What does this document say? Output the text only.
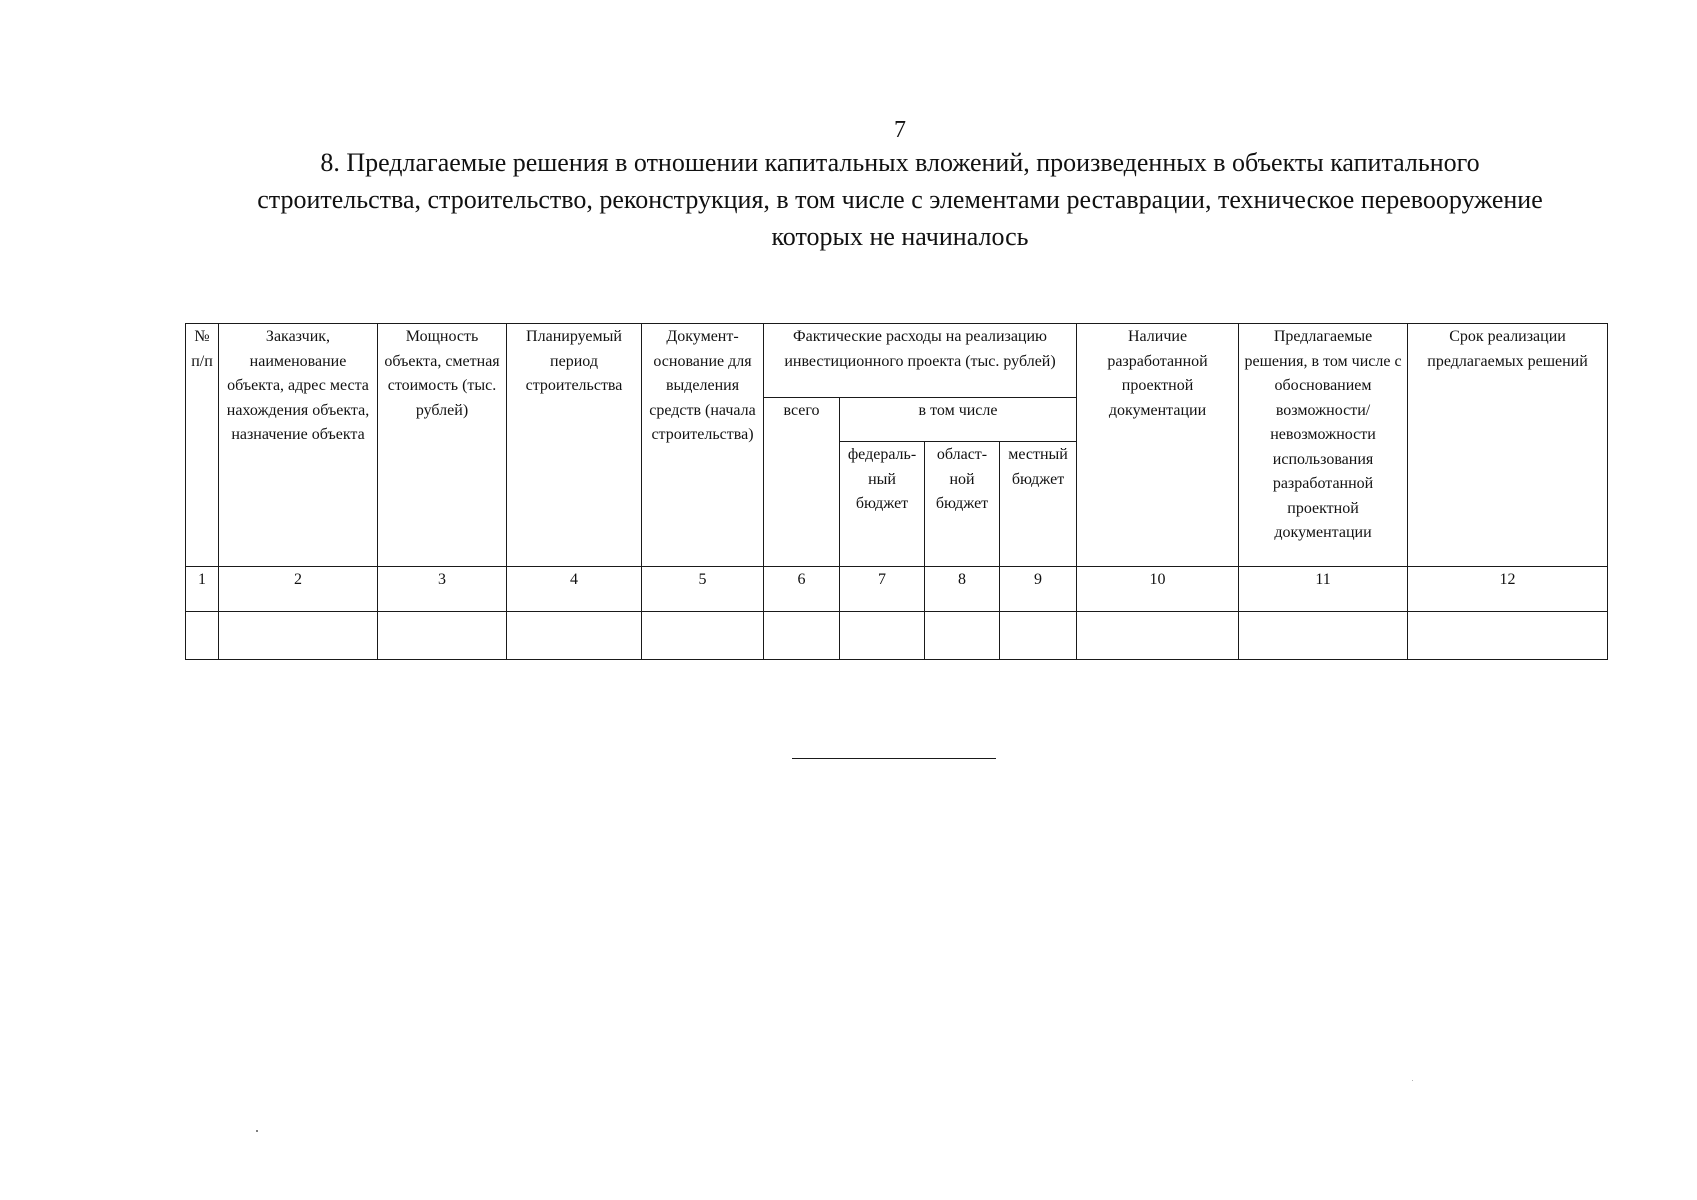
7
8. Предлагаемые решения в отношении капитальных вложений, произведенных в объекты капитального
строительства, строительство, реконструкция, в том числе с элементами реставрации, техническое перевооружение
которых не начиналось
№ п/п	Заказчик, наименование объекта, адрес места нахождения объекта, назначение объекта	Мощность объекта, сметная стоимость (тыс. рублей)	Планируемый период строительства	Документ-основание для выделения средств (начала строительства)	Фактические расходы на реализацию инвестиционного проекта (тыс. рублей)				Наличие разработанной проектной документации	Предлагаемые решения, в том числе с обоснованием возможности/ невозможности использования разработанной проектной документации	Срок реализации предлагаемых решений
					всего	в том числе					
						федераль-ный бюджет	област-ной бюджет	местный бюджет			
1	2	3	4	5	6	7	8	9	10	11	12
